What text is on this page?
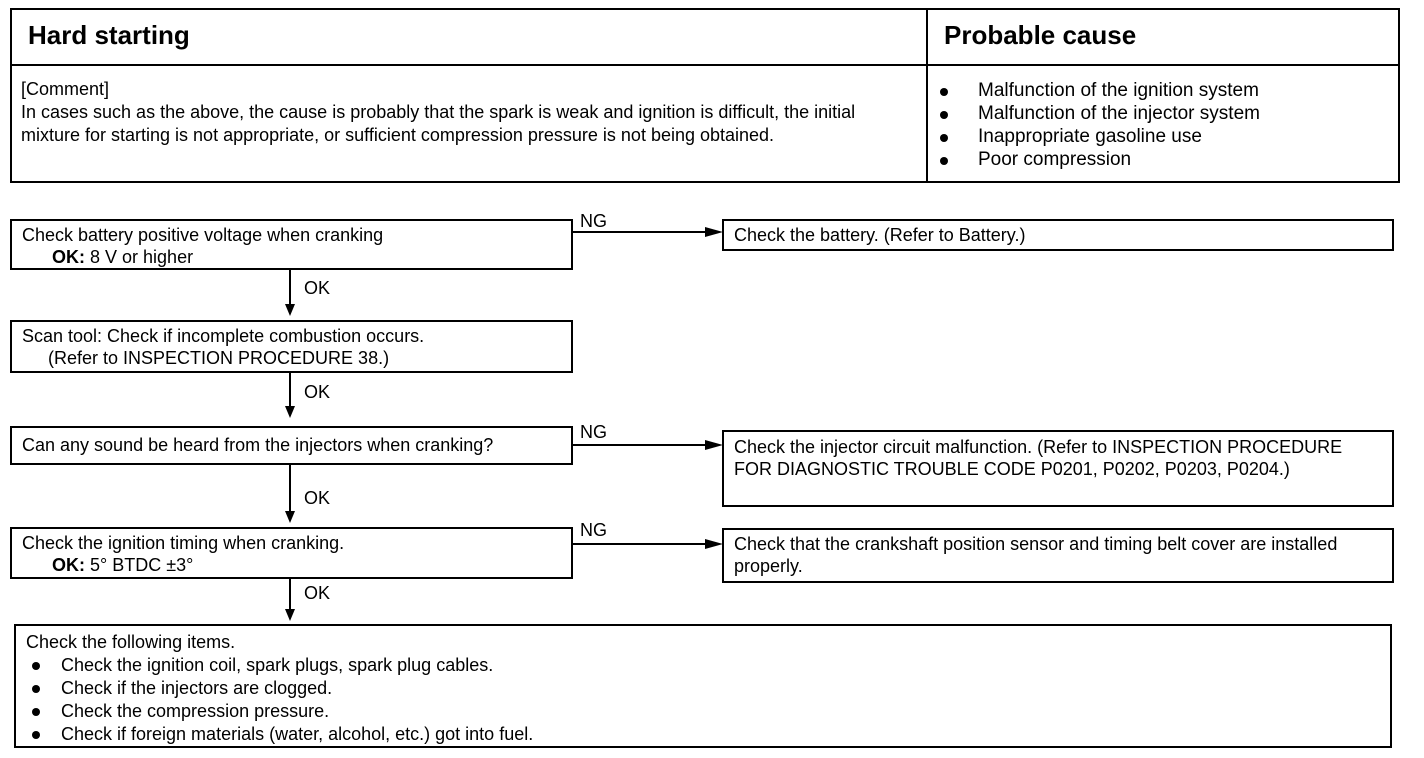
Hard starting	Probable cause
[Comment]
In cases such as the above, the cause is probably that the spark is weak and ignition is difficult, the initial mixture for starting is not appropriate, or sufficient compression pressure is not being obtained.
Malfunction of the ignition system
Malfunction of the injector system
Inappropriate gasoline use
Poor compression
Check battery positive voltage when cranking
OK: 8 V or higher
NG
Check the battery. (Refer to Battery.)
OK
Scan tool: Check if incomplete combustion occurs.
(Refer to INSPECTION PROCEDURE 38.)
OK
Can any sound be heard from the injectors when cranking?
NG
Check the injector circuit malfunction. (Refer to INSPECTION PROCEDURE FOR DIAGNOSTIC TROUBLE CODE P0201, P0202, P0203, P0204.)
OK
Check the ignition timing when cranking.
OK: 5° BTDC ±3°
NG
Check that the crankshaft position sensor and timing belt cover are installed properly.
OK
Check the following items.
Check the ignition coil, spark plugs, spark plug cables.
Check if the injectors are clogged.
Check the compression pressure.
Check if foreign materials (water, alcohol, etc.) got into fuel.
